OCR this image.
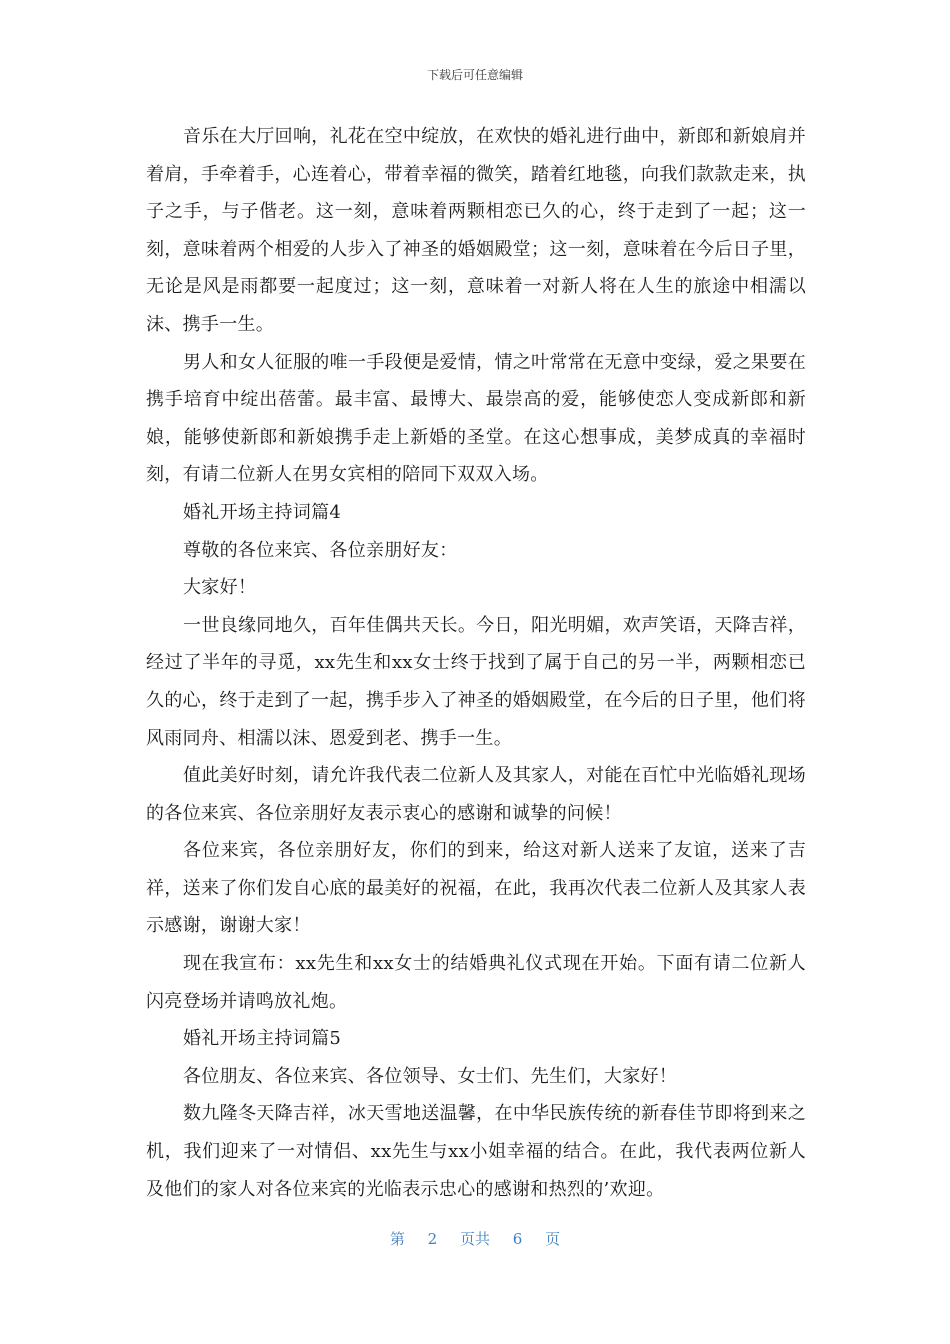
下载后可任意编辑

音乐在大厅回响，礼花在空中绽放，在欢快的婚礼进行曲中，新郎和新娘肩并着肩，手牵着手，心连着心，带着幸福的微笑，踏着红地毯，向我们款款走来，执子之手，与子偕老。这一刻，意味着两颗相恋已久的心，终于走到了一起；这一刻，意味着两个相爱的人步入了神圣的婚姻殿堂；这一刻，意味着在今后日子里，无论是风是雨都要一起度过；这一刻，意味着一对新人将在人生的旅途中相濡以沫、携手一生。

男人和女人征服的唯一手段便是爱情，情之叶常常在无意中变绿，爱之果要在携手培育中绽出蓓蕾。最丰富、最博大、最崇高的爱，能够使恋人变成新郎和新娘，能够使新郎和新娘携手走上新婚的圣堂。在这心想事成，美梦成真的幸福时刻，有请二位新人在男女宾相的陪同下双双入场。

婚礼开场主持词篇4

尊敬的各位来宾、各位亲朋好友：

大家好！

一世良缘同地久，百年佳偶共天长。今日，阳光明媚，欢声笑语，天降吉祥，经过了半年的寻觅，xx先生和xx女士终于找到了属于自己的另一半，两颗相恋已久的心，终于走到了一起，携手步入了神圣的婚姻殿堂，在今后的日子里，他们将风雨同舟、相濡以沫、恩爱到老、携手一生。

值此美好时刻，请允许我代表二位新人及其家人，对能在百忙中光临婚礼现场的各位来宾、各位亲朋好友表示衷心的感谢和诚挚的问候！

各位来宾，各位亲朋好友，你们的到来，给这对新人送来了友谊，送来了吉祥，送来了你们发自心底的最美好的祝福，在此，我再次代表二位新人及其家人表示感谢，谢谢大家！

现在我宣布：xx先生和xx女士的结婚典礼仪式现在开始。下面有请二位新人闪亮登场并请鸣放礼炮。

婚礼开场主持词篇5

各位朋友、各位来宾、各位领导、女士们、先生们，大家好！

数九隆冬天降吉祥，冰天雪地送温馨，在中华民族传统的新春佳节即将到来之机，我们迎来了一对情侣、xx先生与xx小姐幸福的结合。在此，我代表两位新人及他们的家人对各位来宾的光临表示忠心的感谢和热烈的’欢迎。

第 2 页共 6 页
